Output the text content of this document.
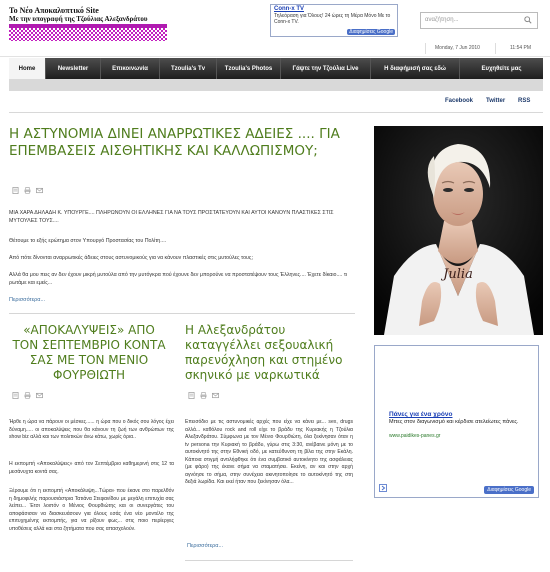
Το Νέο Αποκαλυπτικό Site
Με την υπογραφή της Τζούλιας Αλεξανδράτου
Conn-x TV
Τηλεόραση για Όλους! 24 ώρες τη Μέρα Μόνο Με το Conn-x TV.
Διαφημίσεις Google
αναζήτηση...
Monday, 7 Jun 2010	11:54 PM
Home	Newsletter	Επικοινωνία	Tzoulia's Tv	Tzoulia's Photos	Γάψτε την Τζούλια Live	Η διαφήμισή σας εδώ	Ευχηθείτε μας
Facebook Twitter RSS
Η ΑΣΤΥΝΟΜΙΑ ΔΙΝΕΙ ΑΝΑΡΡΩΤΙΚΕΣ ΑΔΕΙΕΣ .... ΓΙΑ ΕΠΕΜΒΑΣΕΙΣ ΑΙΣΘΗΤΙΚΗΣ ΚΑΙ ΚΑΛΛΩΠΙΣΜΟΥ;
ΜΙΑ ΧΑΡΑ ΔΗΛΑΔΗ Κ. ΥΠΟΥΡΓΕ.... ΠΛΗΡΩΝΟΥΝ ΟΙ ΕΛΛΗΝΕΣ ΓΙΑ ΝΑ ΤΟΥΣ ΠΡΟΣΤΑΤΕΥΟΥΝ ΚΑΙ ΑΥΤΟΙ ΚΑΝΟΥΝ ΠΛΑΣΤΙΚΕΣ ΣΤΙΣ ΜΥΤΟΥΛΕΣ ΤΟΥΣ....
Θέτουμε το εξής ερώτημα στον Υπουργό Προστασίας του Πολίτη....
Από πότε δίνονται αναρρωτικές άδειες στους αστυνομικούς για να κάνουν πλαστικές στις μυτούλες τους;
Αλλά θα μου πεις αν δεν έχουν μικρή μυτούλα από την μυτόγκρα πού έχουνε δεν μπορούνε να προστατέψουν τους Έλληνες.... Έχετε δίκαιο.... τι ρωτάμε και εμείς...
Περισσότερα...
«ΑΠΟΚΑΛΥΨΕΙΣ» ΑΠΟ ΤΟΝ ΣΕΠΤΕΜΒΡΙΟ ΚΟΝΤΑ ΣΑΣ ΜΕ ΤΟΝ ΜΕΝΙΟ ΦΟΥΡΘΙΩΤΗ
Ήρθε η ώρα να πάρουν οι μέσκες...... η ώρα που ο δικός σου λόγος έχει δύναμη..... οι αποκαλύψεις που θα κάνουν τη ζωή των ανθρώπων της show biz αλλά και των πολιτικών άνω κάτω, χωρίς όρια..
Η εκπομπή «Αποκαλύψεις» από τον Σεπτέμβριο καθημερινή στις 12 τα μεσάνυχτα κοντά σας.
Ξέρουμε ότι η εκπομπή «Αποκάλυψη...Τώρα» που έκανε στο παρελθόν η δημοφιλής παρουσιάστρια Τατιάνα Στεφανίδου με μεγάλη επιτυχία σας λείπει... Έτσι λοιπόν ο Μένιος Φουρθιώτης και οι συνεργάτες του αποφάσισαν να διασκευάσουν για όλους εσάς ένα νέο μοντέλο της επιτυχημένης εκπομπής, για να ρίξουν φως... στις ποιο περίεργες υποθέσεις αλλά και στα ζητήματα που σας απασχολούν.
Η Αλεξανδράτου καταγγέλλει σεξουαλική παρενόχληση και στημένο σκηνικό με ναρκωτικά
Επεισόδιο με τις αστυνομικές αρχές που είχε να κάνει με... sex, drugs αλλά... καθόλου rock and roll είχε το βράδυ της Κυριακής η Τζούλια Αλεξανδράτου. Σύμφωνα με τον Μένιο Φουρθιώτη, όλα ξεκίνησαν όταν η tv persona την Κυριακή το βράδυ, γύρω στις 3:30, ανέβαινε μόνη με το αυτοκίνητό της στην Εθνική οδό, με κατεύθυνση τη βίλα της στην Εκάλη. Κάποια στιγμή αντιλήφθηκε ότι ένα συμβατικό αυτοκίνητο της ασφάλειας (με φάρο) της έκανε σήμα να σταματήσει. Εκείνη, αν και στην αρχή αγνόησε το σήμα, στην συνέχεια ακινητοποίησε το αυτοκίνητό της στη δεξιά λωρίδα. Και εκεί ήταν που ξεκίνησαν όλα...
Περισσότερα...
Julia
Πάνες για ένα χρόνο
Μπες στον διαγωνισμό και κέρδισε ατελείωτες πάνες.
www.paidikes-panes.gr
Διαφημίσεις Google
